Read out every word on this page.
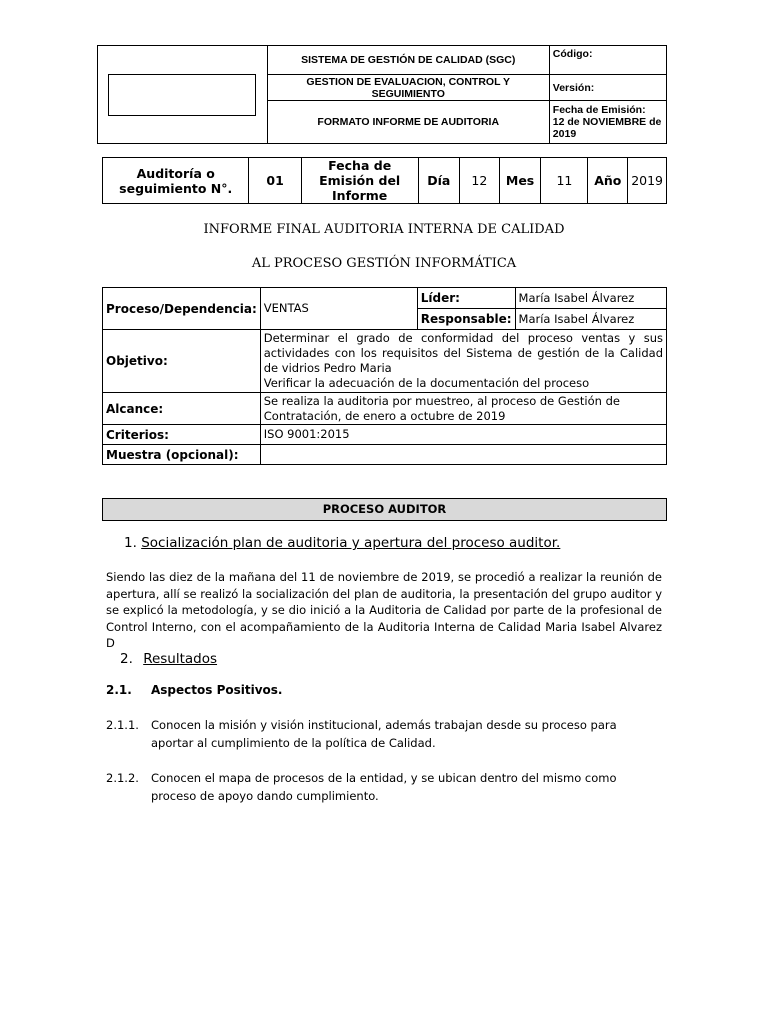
	SISTEMA DE GESTIÓN DE CALIDAD (SGC)	Código:
	GESTION DE EVALUACION, CONTROL Y SEGUIMIENTO	Versión:
	FORMATO INFORME DE AUDITORIA	Fecha de Emisión:
12 de NOVIEMBRE de 2019
Auditoría o seguimiento N°.	01	Fecha de Emisión del Informe	Día	12	Mes	11	Año	2019
INFORME FINAL AUDITORIA INTERNA DE CALIDAD
AL PROCESO GESTIÓN INFORMÁTICA
Proceso/Dependencia:	VENTAS	Líder:	María Isabel Álvarez
		Responsable:	María Isabel Álvarez
Objetivo:	Determinar el grado de conformidad del proceso ventas y sus actividades con los requisitos del Sistema de gestión de la Calidad de vidrios Pedro Maria
Verificar la adecuación de la documentación del proceso		

Alcance:	Se realiza la auditoria por muestreo, al proceso de Gestión de Contratación, de enero a octubre de 2019		
Criterios:	ISO 9001:2015		
Muestra (opcional):			
PROCESO AUDITOR
1. Socialización plan de auditoria y apertura del proceso auditor.
Siendo las diez de la mañana del 11 de noviembre de 2019, se procedió a realizar la reunión de apertura, allí se realizó la socialización del plan de auditoria, la presentación del grupo auditor y se explicó la metodología, y se dio inició a la Auditoria de Calidad por parte de la profesional de Control Interno, con el acompañamiento de la Auditoria Interna de Calidad Maria Isabel Alvarez D
2. Resultados
2.1. Aspectos Positivos.
2.1.1. Conocen la misión y visión institucional, además trabajan desde su proceso para aportar al cumplimiento de la política de Calidad.
2.1.2. Conocen el mapa de procesos de la entidad, y se ubican dentro del mismo como proceso de apoyo dando cumplimiento.
